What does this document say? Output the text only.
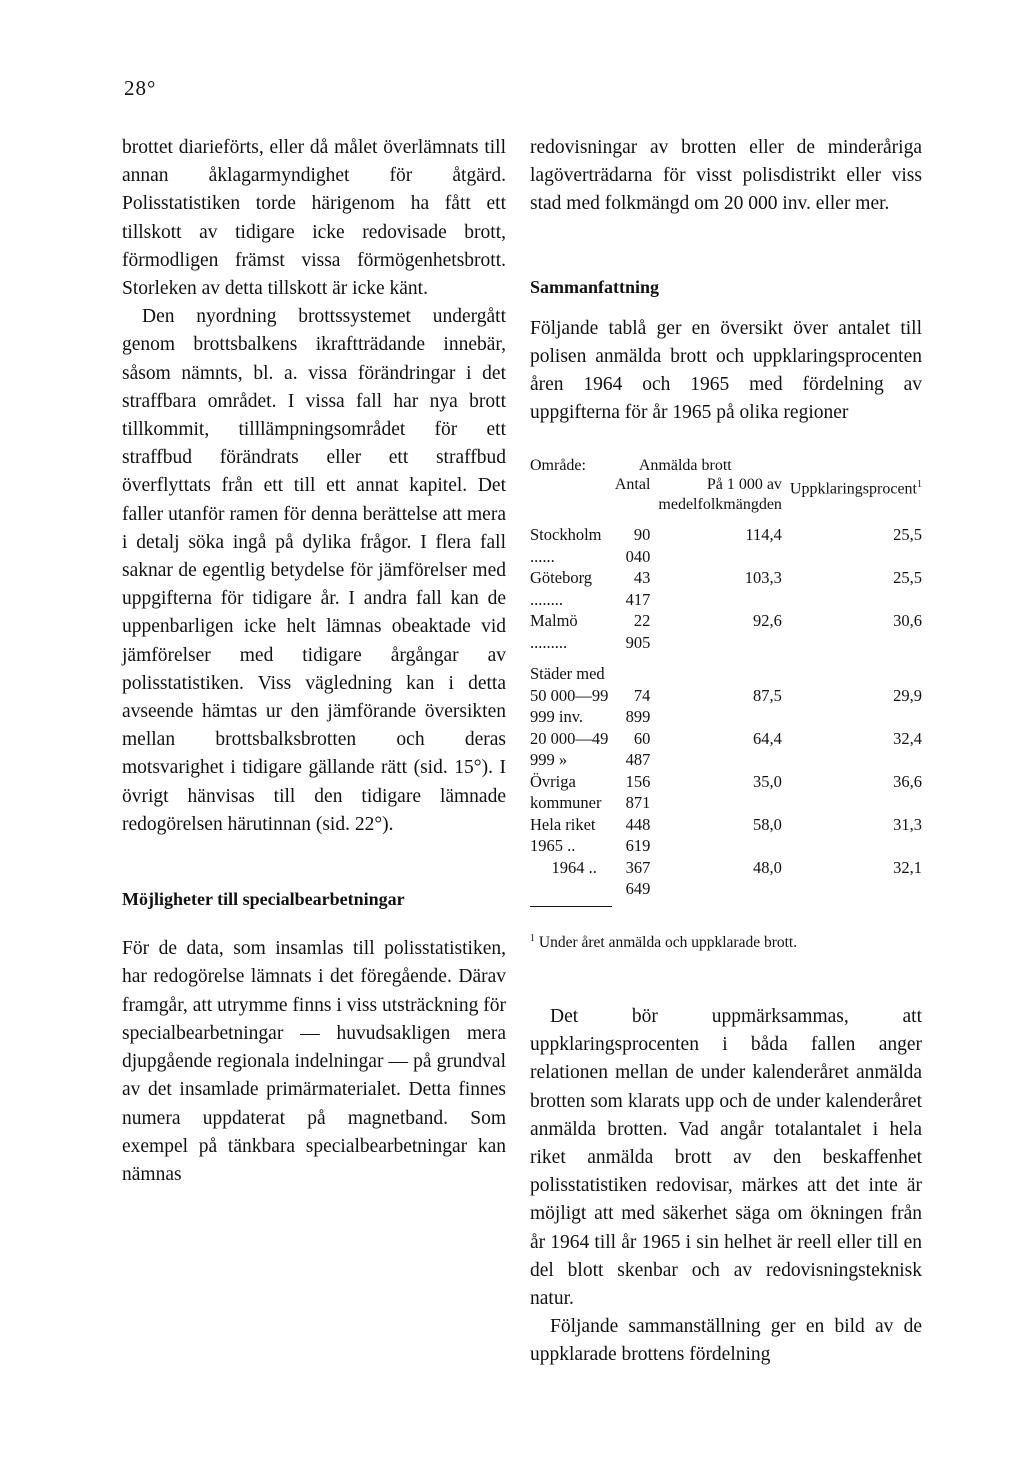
28°

brottet diarieförts, eller då målet överlämnats till annan åklagarmyndighet för åtgärd. Polisstatistiken torde härigenom ha fått ett tillskott av tidigare icke redovisade brott, förmodligen främst vissa förmögenhetsbrott. Storleken av detta tillskott är icke känt.

Den nyordning brottssystemet undergått genom brottsbalkens ikraftträdande innebär, såsom nämnts, bl. a. vissa förändringar i det straffbara området. I vissa fall har nya brott tillkommit, tilllämpningsområdet för ett straffbud förändrats eller ett straffbud överflyttats från ett till ett annat kapitel. Det faller utanför ramen för denna berättelse att mera i detalj söka ingå på dylika frågor. I flera fall saknar de egentlig betydelse för jämförelser med uppgifterna för tidigare år. I andra fall kan de uppenbarligen icke helt lämnas obeaktade vid jämförelser med tidigare årgångar av polisstatistiken. Viss vägledning kan i detta avseende hämtas ur den jämförande översikten mellan brottsbalksbrotten och deras motsvarighet i tidigare gällande rätt (sid. 15°). I övrigt hänvisas till den tidigare lämnade redogörelsen härutinnan (sid. 22°).

Möjligheter till specialbearbetningar

För de data, som insamlas till polisstatistiken, har redogörelse lämnats i det föregående. Därav framgår, att utrymme finns i viss utsträckning för specialbearbetningar — huvudsakligen mera djupgående regionala indelningar — på grundval av det insamlade primärmaterialet. Detta finnes numera uppdaterat på magnetband. Som exempel på tänkbara specialbearbetningar kan nämnas

redovisningar av brotten eller de minderåriga lagöverträdarna för visst polisdistrikt eller viss stad med folkmängd om 20 000 inv. eller mer.

Sammanfattning

Följande tablå ger en översikt över antalet till polisen anmälda brott och uppklaringsprocenten åren 1964 och 1965 med fördelning av uppgifterna för år 1965 på olika regioner

Område:	Anmälda brott		
	Antal	På 1 000 av medelfolkmängden	Uppklaringsprocent$^1$

Stockholm ......	90 040	114,4	25,5
Göteborg ........	43 417	103,3	25,5
Malmö .........	22 905	92,6	30,6

Städer med			
50 000—99 999 inv.	74 899	87,5	29,9
20 000—49 999 »	60 487	64,4	32,4
Övriga kommuner	156 871	35,0	36,6
Hela riket 1965 ..	448 619	58,0	31,3
1964 ..	367 649	48,0	32,1

$^1$ Under året anmälda och uppklarade brott.

Det bör uppmärksammas, att uppklaringsprocenten i båda fallen anger relationen mellan de under kalenderåret anmälda brotten som klarats upp och de under kalenderåret anmälda brotten. Vad angår totalantalet i hela riket anmälda brott av den beskaffenhet polisstatistiken redovisar, märkes att det inte är möjligt att med säkerhet säga om ökningen från år 1964 till år 1965 i sin helhet är reell eller till en del blott skenbar och av redovisningsteknisk natur.

Följande sammanställning ger en bild av de uppklarade brottens fördelning
